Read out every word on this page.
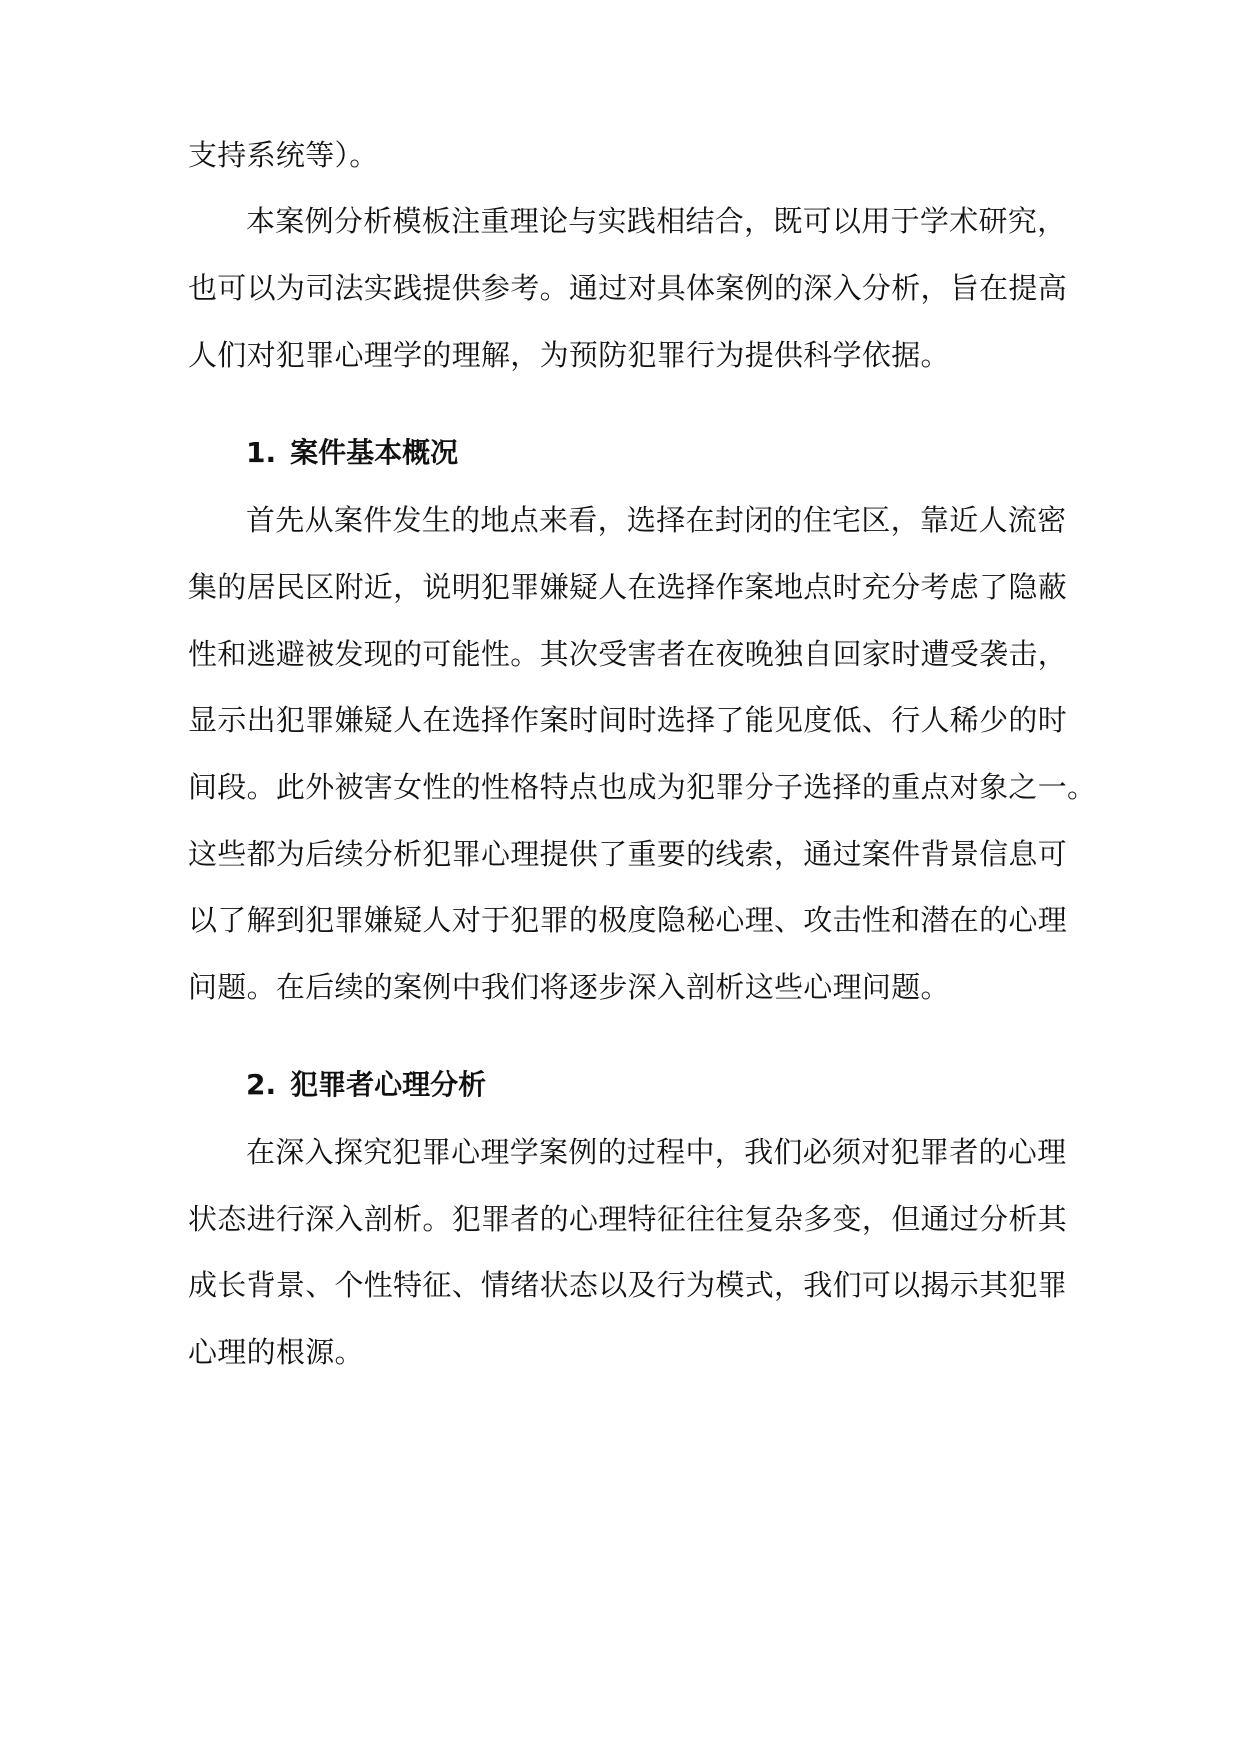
支持系统等）。
本案例分析模板注重理论与实践相结合，既可以用于学术研究，
也可以为司法实践提供参考。通过对具体案例的深入分析，旨在提高
人们对犯罪心理学的理解，为预防犯罪行为提供科学依据。
1. 案件基本概况
首先从案件发生的地点来看，选择在封闭的住宅区，靠近人流密
集的居民区附近，说明犯罪嫌疑人在选择作案地点时充分考虑了隐蔽
性和逃避被发现的可能性。其次受害者在夜晚独自回家时遭受袭击，
显示出犯罪嫌疑人在选择作案时间时选择了能见度低、行人稀少的时
间段。此外被害女性的性格特点也成为犯罪分子选择的重点对象之一。
这些都为后续分析犯罪心理提供了重要的线索，通过案件背景信息可
以了解到犯罪嫌疑人对于犯罪的极度隐秘心理、攻击性和潜在的心理
问题。在后续的案例中我们将逐步深入剖析这些心理问题。
2. 犯罪者心理分析
在深入探究犯罪心理学案例的过程中，我们必须对犯罪者的心理
状态进行深入剖析。犯罪者的心理特征往往复杂多变，但通过分析其
成长背景、个性特征、情绪状态以及行为模式，我们可以揭示其犯罪
心理的根源。
